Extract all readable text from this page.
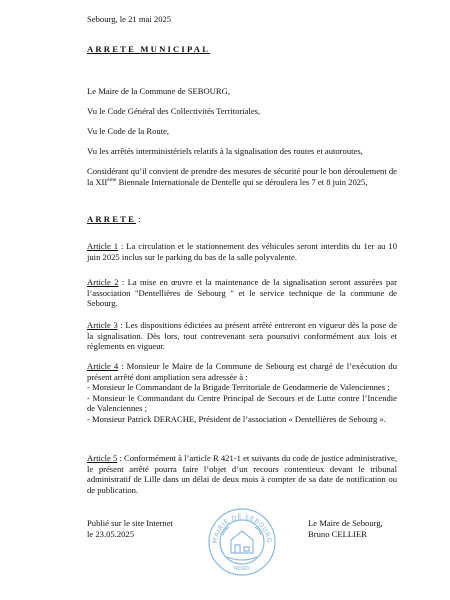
Sebourg, le 21 mai 2025
ARRETE MUNICIPAL
Le Maire de la Commune de SEBOURG,
Vu le Code Général des Collectivités Territoriales,
Vu le Code de la Route,
Vu les arrêtés interministériels relatifs à la signalisation des routes et autoroutes,
Considérant qu’il convient de prendre des mesures de sécurité pour le bon déroulement de la XIIème Biennale Internationale de Dentelle qui se déroulera les 7 et 8 juin 2025,
ARRETE :
Article 1 : La circulation et le stationnement des véhicules seront interdits du 1er au 10 juin 2025 inclus sur le parking du bas de la salle polyvalente.
Article 2 : La mise en œuvre et la maintenance de la signalisation seront assurées par l’association "Dentellières de Sebourg " et le service technique de la commune de Sebourg.
Article 3 : Les dispositions édictées au présent arrêté entreront en vigueur dès la pose de la signalisation. Dès lors, tout contrevenant sera poursuivi conformément aux lois et règlements en vigueur.
Article 4 : Monsieur le Maire de la Commune de Sebourg est chargé de l’exécution du présent arrêté dont ampliation sera adressée à :
- Monsieur le Commandant de la Brigade Territoriale de Gendarmerie de Valenciennes ;
- Monsieur le Commandant du Centre Principal de Secours et de Lutte contre l’Incendie de Valenciennes ;
- Monsieur Patrick DERACHE, Président de l’association « Dentellières de Sebourg ».
Article 5 : Conformément à l’article R 421-1 et suivants du code de justice administrative, le présent arrêté pourra faire l’objet d’un recours contentieux devant le tribunal administratif de Lille dans un délai de deux mois à compter de sa date de notification ou de publication.
Publié sur le site Internet
le 23.05.2025
MAIRIE DE SEBOURG
NORD
Le Maire de Sebourg,
Bruno CELLIER
